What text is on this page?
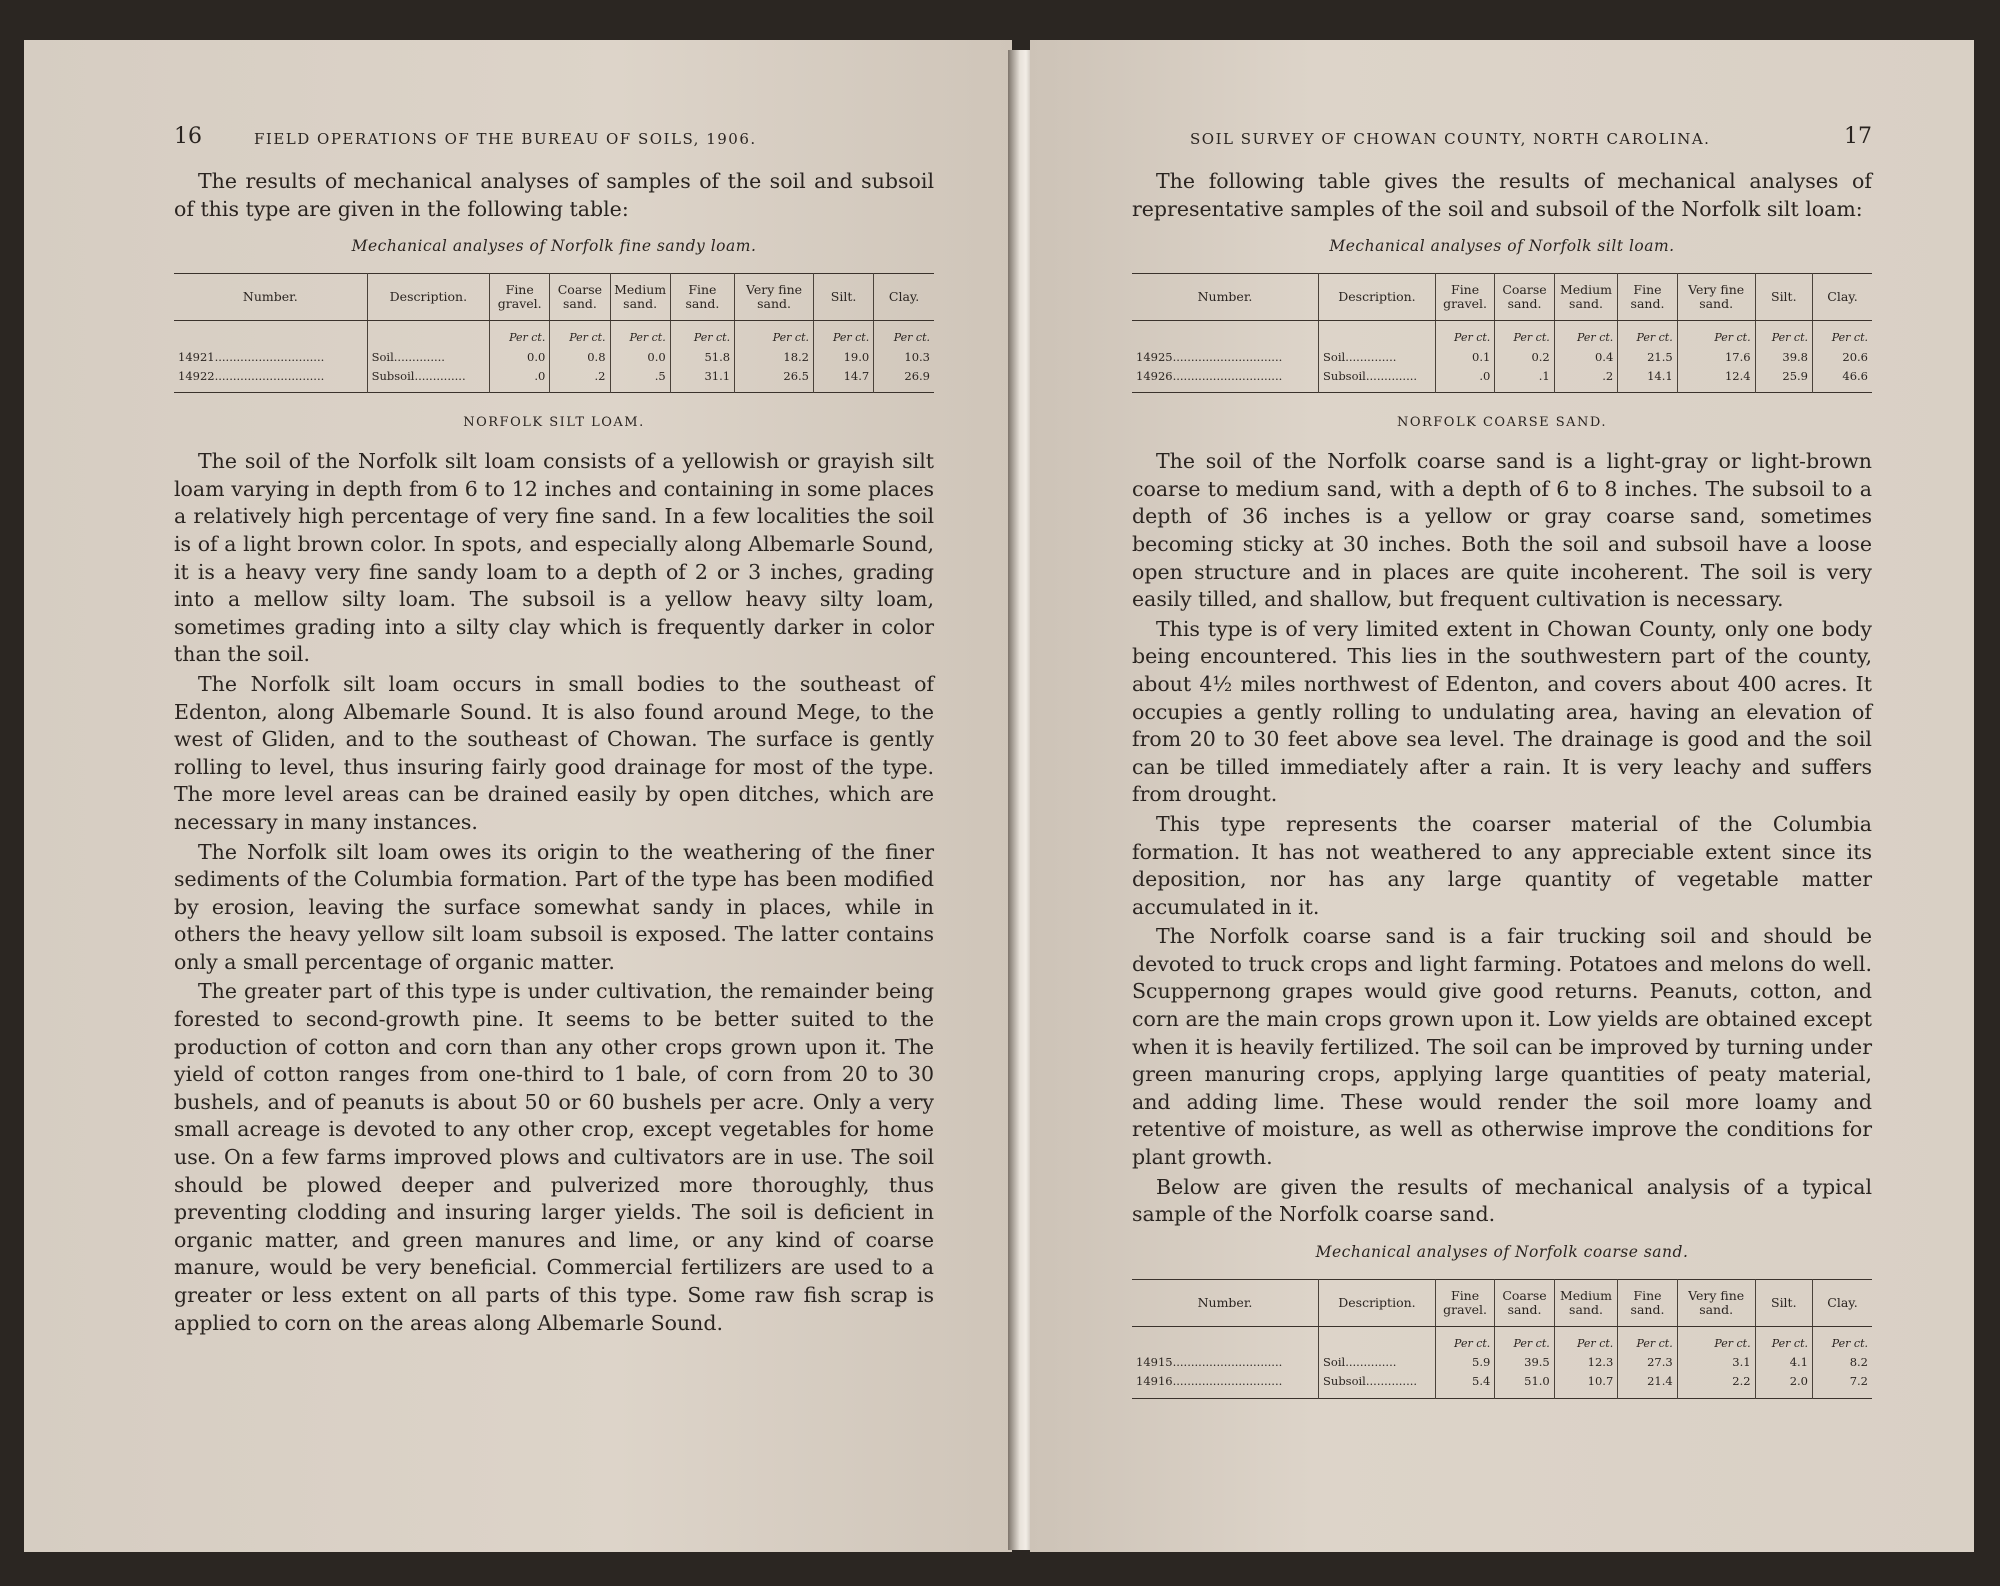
16	FIELD OPERATIONS OF THE BUREAU OF SOILS, 1906.

The results of mechanical analyses of samples of the soil and subsoil of this type are given in the following table:

Mechanical analyses of Norfolk fine sandy loam.
Number.	Description.	Fine gravel.	Coarse sand.	Medium sand.	Fine sand.	Very fine sand.	Silt.	Clay.
		Per ct.	Per ct.	Per ct.	Per ct.	Per ct.	Per ct.	Per ct.
14921..............................	Soil..............	0.0	0.8	0.0	51.8	18.2	19.0	10.3
14922..............................	Subsoil..............	.0	.2	.5	31.1	26.5	14.7	26.9
NORFOLK SILT LOAM.

The soil of the Norfolk silt loam consists of a yellowish or grayish silt loam varying in depth from 6 to 12 inches and containing in some places a relatively high percentage of very fine sand. In a few localities the soil is of a light brown color. In spots, and especially along Albemarle Sound, it is a heavy very fine sandy loam to a depth of 2 or 3 inches, grading into a mellow silty loam. The subsoil is a yellow heavy silty loam, sometimes grading into a silty clay which is frequently darker in color than the soil.

The Norfolk silt loam occurs in small bodies to the southeast of Edenton, along Albemarle Sound. It is also found around Mege, to the west of Gliden, and to the southeast of Chowan. The surface is gently rolling to level, thus insuring fairly good drainage for most of the type. The more level areas can be drained easily by open ditches, which are necessary in many instances.

The Norfolk silt loam owes its origin to the weathering of the finer sediments of the Columbia formation. Part of the type has been modified by erosion, leaving the surface somewhat sandy in places, while in others the heavy yellow silt loam subsoil is exposed. The latter contains only a small percentage of organic matter.

The greater part of this type is under cultivation, the remainder being forested to second-growth pine. It seems to be better suited to the production of cotton and corn than any other crops grown upon it. The yield of cotton ranges from one-third to 1 bale, of corn from 20 to 30 bushels, and of peanuts is about 50 or 60 bushels per acre. Only a very small acreage is devoted to any other crop, except vegetables for home use. On a few farms improved plows and cultivators are in use. The soil should be plowed deeper and pulverized more thoroughly, thus preventing clodding and insuring larger yields. The soil is deficient in organic matter, and green manures and lime, or any kind of coarse manure, would be very beneficial. Commercial fertilizers are used to a greater or less extent on all parts of this type. Some raw fish scrap is applied to corn on the areas along Albemarle Sound.

SOIL SURVEY OF CHOWAN COUNTY, NORTH CAROLINA.	17

The following table gives the results of mechanical analyses of representative samples of the soil and subsoil of the Norfolk silt loam:

Mechanical analyses of Norfolk silt loam.
Number.	Description.	Fine gravel.	Coarse sand.	Medium sand.	Fine sand.	Very fine sand.	Silt.	Clay.
		Per ct.	Per ct.	Per ct.	Per ct.	Per ct.	Per ct.	Per ct.
14925..............................	Soil..............	0.1	0.2	0.4	21.5	17.6	39.8	20.6
14926..............................	Subsoil..............	.0	.1	.2	14.1	12.4	25.9	46.6
NORFOLK COARSE SAND.

The soil of the Norfolk coarse sand is a light-gray or light-brown coarse to medium sand, with a depth of 6 to 8 inches. The subsoil to a depth of 36 inches is a yellow or gray coarse sand, sometimes becoming sticky at 30 inches. Both the soil and subsoil have a loose open structure and in places are quite incoherent. The soil is very easily tilled, and shallow, but frequent cultivation is necessary.

This type is of very limited extent in Chowan County, only one body being encountered. This lies in the southwestern part of the county, about 4½ miles northwest of Edenton, and covers about 400 acres. It occupies a gently rolling to undulating area, having an elevation of from 20 to 30 feet above sea level. The drainage is good and the soil can be tilled immediately after a rain. It is very leachy and suffers from drought.

This type represents the coarser material of the Columbia formation. It has not weathered to any appreciable extent since its deposition, nor has any large quantity of vegetable matter accumulated in it.

The Norfolk coarse sand is a fair trucking soil and should be devoted to truck crops and light farming. Potatoes and melons do well. Scuppernong grapes would give good returns. Peanuts, cotton, and corn are the main crops grown upon it. Low yields are obtained except when it is heavily fertilized. The soil can be improved by turning under green manuring crops, applying large quantities of peaty material, and adding lime. These would render the soil more loamy and retentive of moisture, as well as otherwise improve the conditions for plant growth.

Below are given the results of mechanical analysis of a typical sample of the Norfolk coarse sand.

Mechanical analyses of Norfolk coarse sand.
Number.	Description.	Fine gravel.	Coarse sand.	Medium sand.	Fine sand.	Very fine sand.	Silt.	Clay.
		Per ct.	Per ct.	Per ct.	Per ct.	Per ct.	Per ct.	Per ct.
14915..............................	Soil..............	5.9	39.5	12.3	27.3	3.1	4.1	8.2
14916..............................	Subsoil..............	5.4	51.0	10.7	21.4	2.2	2.0	7.2
